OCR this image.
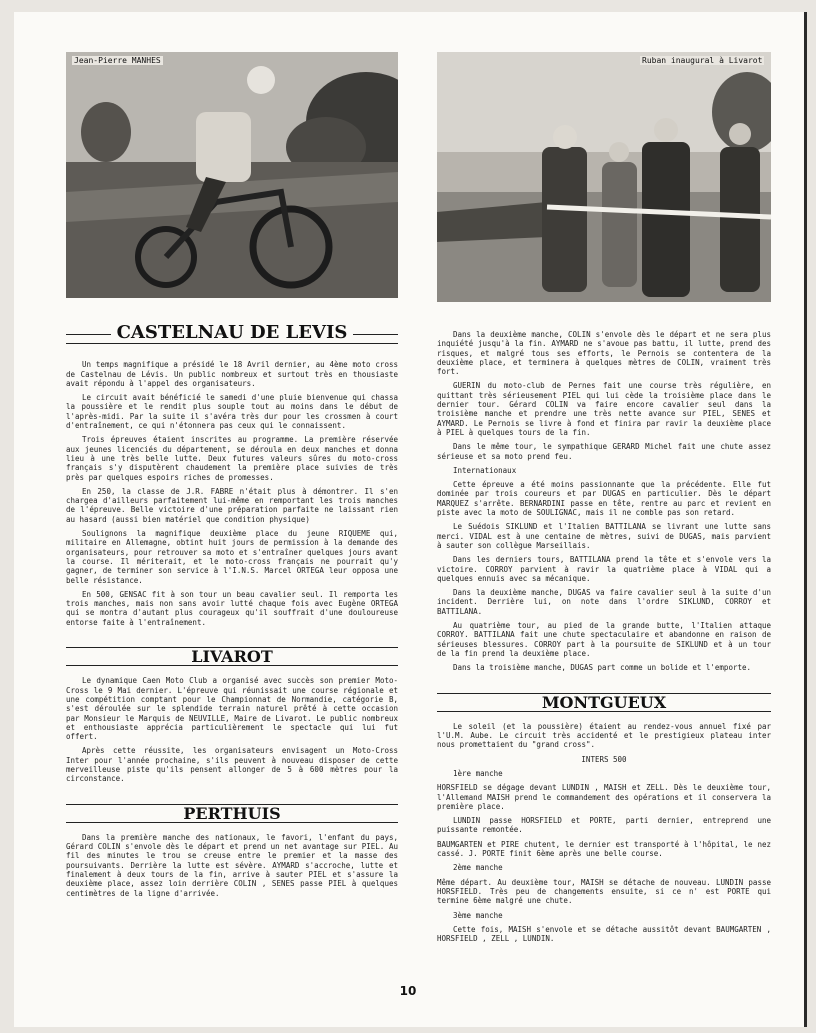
Jean-Pierre MANHES	Ruban inaugural à Livarot
CASTELNAU DE LEVIS

Un temps magnifique a présidé le 18 Avril dernier, au 4ème moto cross de Castelnau de Lévis. Un public nombreux et surtout très en thousiaste avait répondu à l'appel des organisateurs.

Le circuit avait bénéficié le samedi d'une pluie bienvenue qui chassa la poussière et le rendit plus souple tout au moins dans le début de l'après-midi. Par la suite il s'avéra très dur pour les crossmen à court d'entraînement, ce qui n'étonnera pas ceux qui le connaissent.

Trois épreuves étaient inscrites au programme. La première réservée aux jeunes licenciés du département, se déroula en deux manches et donna lieu à une très belle lutte. Deux futures valeurs sûres du moto-cross français s'y disputèrent chaudement la première place suivies de très près par quelques espoirs riches de promesses.

En 250, la classe de J.R. FABRE n'était plus à démontrer. Il s'en chargea d'ailleurs parfaitement lui-même en remportant les trois manches de l'épreuve. Belle victoire d'une préparation parfaite ne laissant rien au hasard (aussi bien matériel que condition physique)

Soulignons la magnifique deuxième place du jeune RIQUEME qui, militaire en Allemagne, obtint huit jours de permission à la demande des organisateurs, pour retrouver sa moto et s'entraîner quelques jours avant la course. Il mériterait, et le moto-cross français ne pourrait qu'y gagner, de terminer son service à l'I.N.S. Marcel ORTEGA leur opposa une belle résistance.

En 500, GENSAC fit à son tour un beau cavalier seul. Il remporta les trois manches, mais non sans avoir lutté chaque fois avec Eugène ORTEGA qui se montra d'autant plus courageux qu'il souffrait d'une douloureuse entorse faite à l'entraînement.

LIVAROT

Le dynamique Caen Moto Club a organisé avec succès son premier Moto-Cross le 9 Mai dernier. L'épreuve qui réunissait une course régionale et une compétition comptant pour le Championnat de Normandie, catégorie B, s'est déroulée sur le splendide terrain naturel prêté à cette occasion par Monsieur le Marquis de NEUVILLE, Maire de Livarot. Le public nombreux et enthousiaste apprécia particulièrement le spectacle qui lui fut offert.

Après cette réussite, les organisateurs envisagent un Moto-Cross Inter pour l'année prochaine, s'ils peuvent à nouveau disposer de cette merveilleuse piste qu'ils pensent allonger de 5 à 600 mètres pour la circonstance.

PERTHUIS

Dans la première manche des nationaux, le favori, l'enfant du pays, Gérard COLIN s'envole dès le départ et prend un net avantage sur PIEL. Au fil des minutes le trou se creuse entre le premier et la masse des poursuivants. Derrière la lutte est sévère. AYMARD s'accroche, lutte et finalement à deux tours de la fin, arrive à sauter PIEL et s'assure la deuxième place, assez loin derrière COLIN , SENES passe PIEL à quelques centimètres de la ligne d'arrivée.

Dans la deuxième manche, COLIN s'envole dès le départ et ne sera plus inquiété jusqu'à la fin. AYMARD ne s'avoue pas battu, il lutte, prend des risques, et malgré tous ses efforts, le Pernois se contentera de la deuxième place, et terminera à quelques mètres de COLIN, vraiment très fort.

GUERIN du moto-club de Pernes fait une course très régulière, en quittant très sérieusement PIEL qui lui cède la troisième place dans le dernier tour. Gérard COLIN va faire encore cavalier seul dans la troisième manche et prendre une très nette avance sur PIEL, SENES et AYMARD. Le Pernois se livre à fond et finira par ravir la deuxième place à PIEL à quelques tours de la fin.

Dans le même tour, le sympathique GERARD Michel fait une chute assez sérieuse et sa moto prend feu.

Internationaux

Cette épreuve a été moins passionnante que la précédente. Elle fut dominée par trois coureurs et par DUGAS en particulier. Dès le départ MARQUEZ s'arrête. BERNARDINI passe en tête, rentre au parc et revient en piste avec la moto de SOULIGNAC, mais il ne comble pas son retard.

Le Suédois SIKLUND et l'Italien BATTILANA se livrant une lutte sans merci. VIDAL est à une centaine de mètres, suivi de DUGAS, mais parvient à sauter son collègue Marseillais.

Dans les derniers tours, BATTILANA prend la tête et s'envole vers la victoire. CORROY parvient à ravir la quatrième place à VIDAL qui a quelques ennuis avec sa mécanique.

Dans la deuxième manche, DUGAS va faire cavalier seul à la suite d'un incident. Derrière lui, on note dans l'ordre SIKLUND, CORROY et BATTILANA.

Au quatrième tour, au pied de la grande butte, l'Italien attaque CORROY. BATTILANA fait une chute spectaculaire et abandonne en raison de sérieuses blessures. CORROY part à la poursuite de SIKLUND et à un tour de la fin prend la deuxième place.

Dans la troisième manche, DUGAS part comme un bolide et l'emporte.

MONTGUEUX

Le soleil (et la poussière) étaient au rendez-vous annuel fixé par l'U.M. Aube. Le circuit très accidenté et le prestigieux plateau inter nous promettaient du "grand cross".

INTERS 500

1ère manche

HORSFIELD se dégage devant LUNDIN , MAISH et ZELL. Dès le deuxième tour, l'Allemand MAISH prend le commandement des opérations et il conservera la première place.

LUNDIN passe HORSFIELD et PORTE, parti dernier, entreprend une puissante remontée.

BAUMGARTEN et PIRE chutent, le dernier est transporté à l'hôpital, le nez cassé. J. PORTE finit 6ème après une belle course.

2ème manche

Même départ. Au deuxième tour, MAISH se détache de nouveau. LUNDIN passe HORSFIELD. Très peu de changements ensuite, si ce n' est PORTE qui termine 6ème malgré une chute.

3ème manche

Cette fois, MAISH s'envole et se détache aussitôt devant BAUMGARTEN , HORSFIELD , ZELL , LUNDIN.

10
